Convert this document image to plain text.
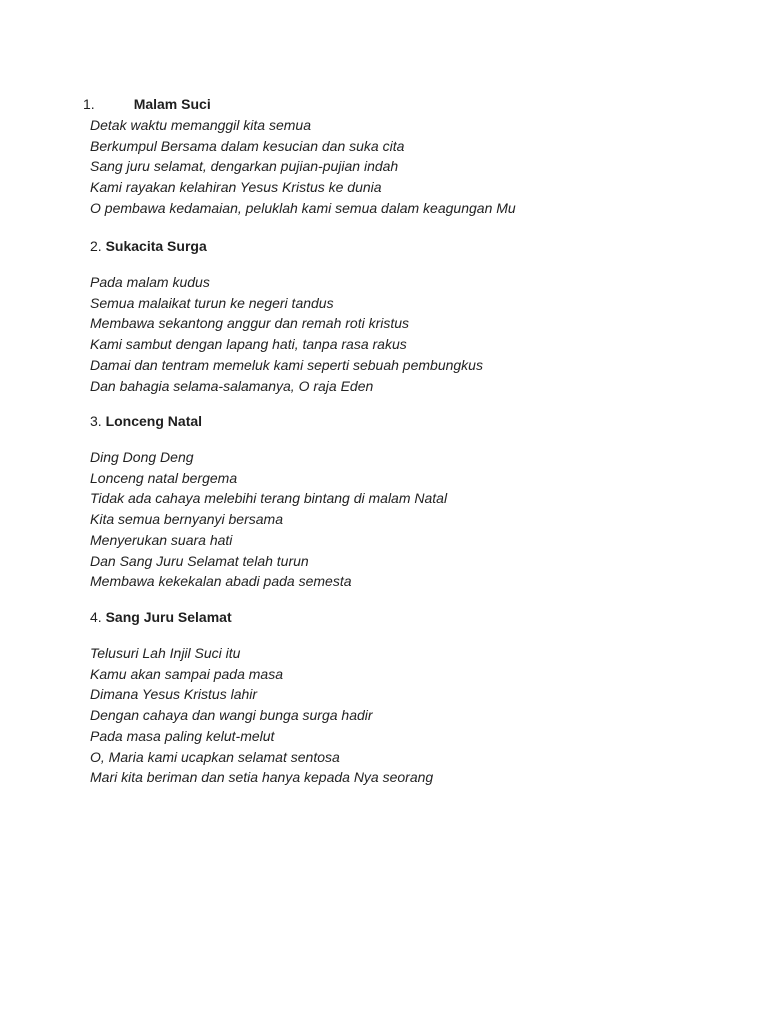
1.	Malam Suci
Detak waktu memanggil kita semua
Berkumpul Bersama dalam kesucian dan suka cita
Sang juru selamat, dengarkan pujian-pujian indah
Kami rayakan kelahiran Yesus Kristus ke dunia
O pembawa kedamaian, peluklah kami semua dalam keagungan Mu
2. Sukacita Surga
Pada malam kudus
Semua malaikat turun ke negeri tandus
Membawa sekantong anggur dan remah roti kristus
Kami sambut dengan lapang hati, tanpa rasa rakus
Damai dan tentram memeluk kami seperti sebuah pembungkus
Dan bahagia selama-salamanya, O raja Eden
3. Lonceng Natal
Ding Dong Deng
Lonceng natal bergema
Tidak ada cahaya melebihi terang bintang di malam Natal
Kita semua bernyanyi bersama
Menyerukan suara hati
Dan Sang Juru Selamat telah turun
Membawa kekekalan abadi pada semesta
4. Sang Juru Selamat
Telusuri Lah Injil Suci itu
Kamu akan sampai pada masa
Dimana Yesus Kristus lahir
Dengan cahaya dan wangi bunga surga hadir
Pada masa paling kelut-melut
O, Maria kami ucapkan selamat sentosa
Mari kita beriman dan setia hanya kepada Nya seorang
